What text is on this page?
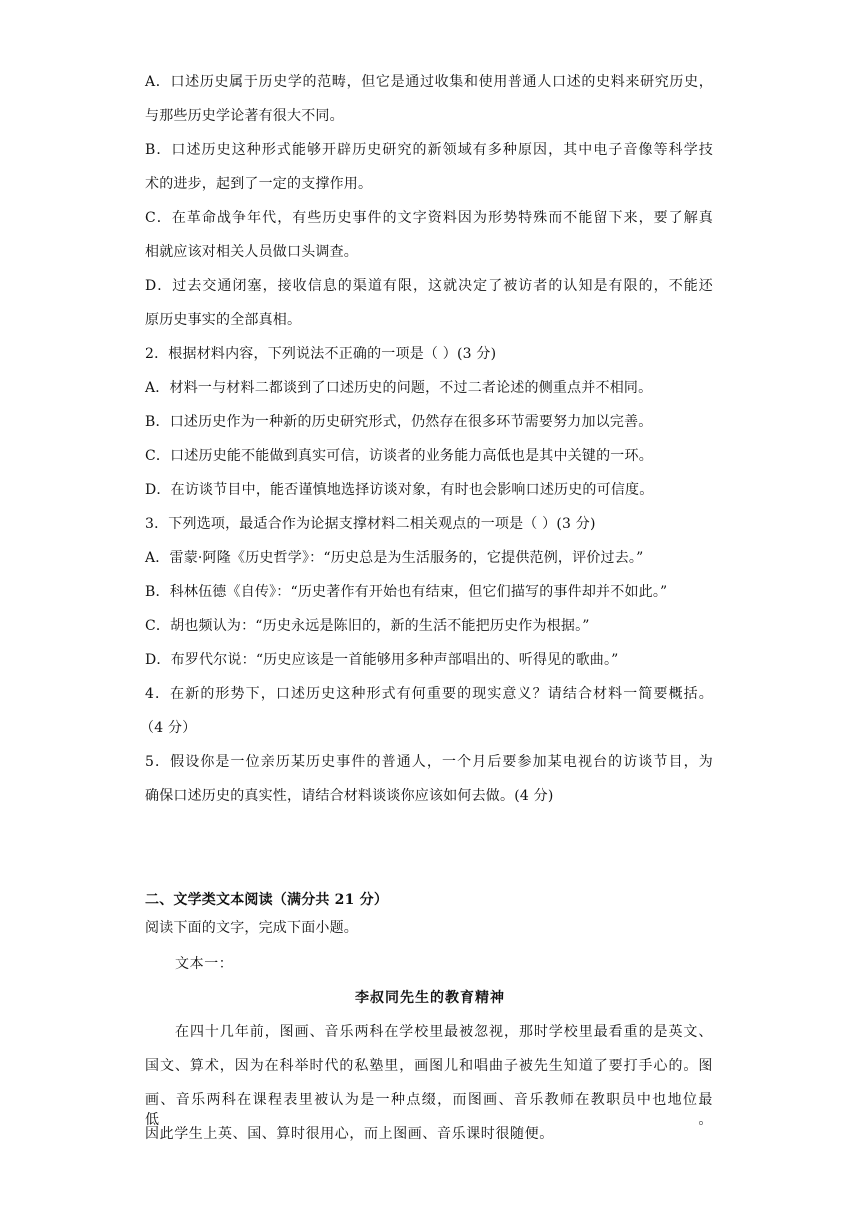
A．口述历史属于历史学的范畴，但它是通过收集和使用普通人口述的史料来研究历史，
与那些历史学论著有很大不同。
B．口述历史这种形式能够开辟历史研究的新领域有多种原因，其中电子音像等科学技
术的进步，起到了一定的支撑作用。
C．在革命战争年代，有些历史事件的文字资料因为形势特殊而不能留下来，要了解真
相就应该对相关人员做口头调查。
D．过去交通闭塞，接收信息的渠道有限，这就决定了被访者的认知是有限的，不能还
原历史事实的全部真相。
2．根据材料内容，下列说法不正确的一项是（ ）(3 分)
A．材料一与材料二都谈到了口述历史的问题，不过二者论述的侧重点并不相同。
B．口述历史作为一种新的历史研究形式，仍然存在很多环节需要努力加以完善。
C．口述历史能不能做到真实可信，访谈者的业务能力高低也是其中关键的一环。
D．在访谈节目中，能否谨慎地选择访谈对象，有时也会影响口述历史的可信度。
3．下列选项，最适合作为论据支撑材料二相关观点的一项是（ ）(3 分)
A．雷蒙·阿隆《历史哲学》：“历史总是为生活服务的，它提供范例，评价过去。”
B．科林伍德《自传》：“历史著作有开始也有结束，但它们描写的事件却并不如此。”
C．胡也频认为：“历史永远是陈旧的，新的生活不能把历史作为根据。”
D．布罗代尔说：“历史应该是一首能够用多种声部唱出的、听得见的歌曲。”
4．在新的形势下，口述历史这种形式有何重要的现实意义？请结合材料一简要概括。
（4 分）
5．假设你是一位亲历某历史事件的普通人，一个月后要参加某电视台的访谈节目，为
确保口述历史的真实性，请结合材料谈谈你应该如何去做。(4 分)
二、文学类文本阅读（满分共 21 分）
阅读下面的文字，完成下面小题。
文本一：
李叔同先生的教育精神
在四十几年前，图画、音乐两科在学校里最被忽视，那时学校里最看重的是英文、
国文、算术，因为在科举时代的私塾里，画图儿和唱曲子被先生知道了要打手心的。图
画、音乐两科在课程表里被认为是一种点缀，而图画、音乐教师在教职员中也地位最低。
因此学生上英、国、算时很用心，而上图画、音乐课时很随便。
